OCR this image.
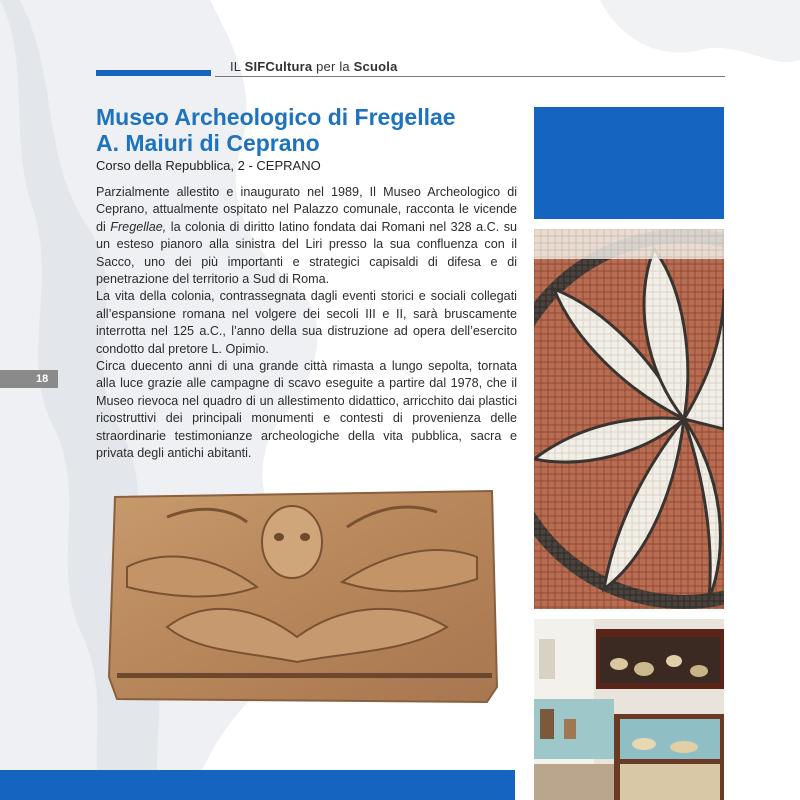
IL SIFCultura per la Scuola
Museo Archeologico di Fregellae
A. Maiuri di Ceprano
Corso della Repubblica, 2 - CEPRANO

Parzialmente allestito e inaugurato nel 1989, Il Museo Archeologico di Ceprano, attualmente ospitato nel Palazzo comunale, racconta le vicende di Fregellae, la colonia di diritto latino fondata dai Romani nel 328 a.C. su un esteso pianoro alla sinistra del Liri presso la sua confluenza con il Sacco, uno dei più importanti e strategici capisaldi di difesa e di penetrazione del territorio a Sud di Roma.

La vita della colonia, contrassegnata dagli eventi storici e sociali collegati all’espansione romana nel volgere dei secoli III e II, sarà bruscamente interrotta nel 125 a.C., l’anno della sua distruzione ad opera dell’esercito condotto dal pretore L. Opimio.

Circa duecento anni di una grande città rimasta a lungo sepolta, tornata alla luce grazie alle campagne di scavo eseguite a partire dal 1978, che il Museo rievoca nel quadro di un allestimento didattico, arricchito dai plastici ricostruttivi dei principali monumenti e contesti di provenienza delle straordinarie testimonianze archeologiche della vita pubblica, sacra e privata degli antichi abitanti.

18
